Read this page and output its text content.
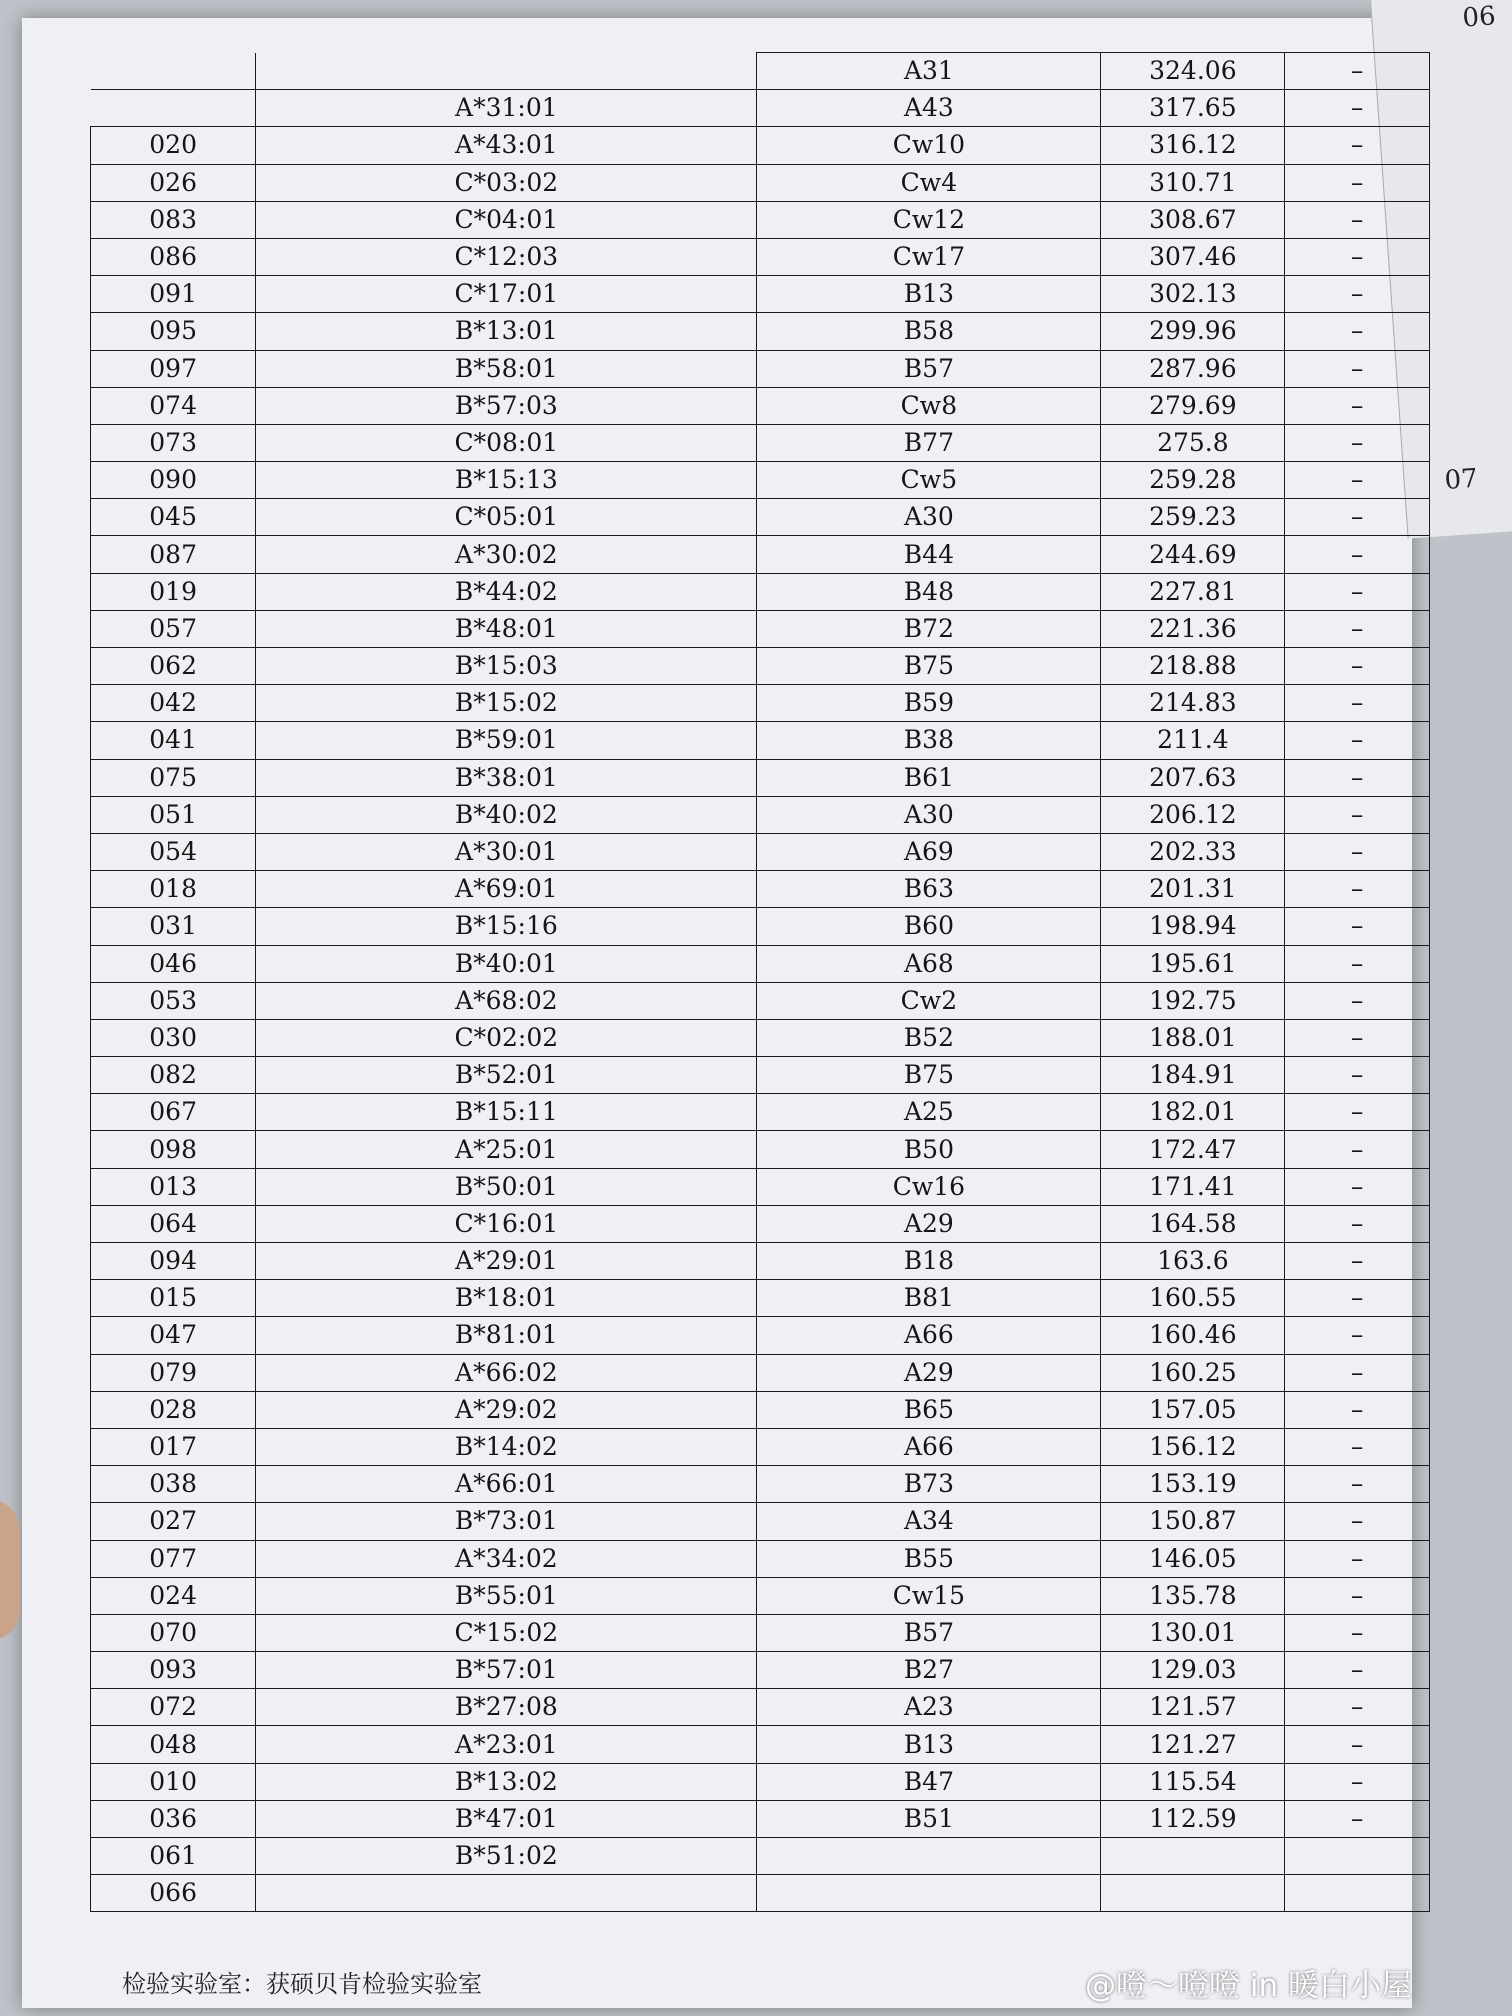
06
07
		A31	324.06	–
	A*31:01	A43	317.65	–
020	A*43:01	Cw10	316.12	–
026	C*03:02	Cw4	310.71	–
083	C*04:01	Cw12	308.67	–
086	C*12:03	Cw17	307.46	–
091	C*17:01	B13	302.13	–
095	B*13:01	B58	299.96	–
097	B*58:01	B57	287.96	–
074	B*57:03	Cw8	279.69	–
073	C*08:01	B77	275.8	–
090	B*15:13	Cw5	259.28	–
045	C*05:01	A30	259.23	–
087	A*30:02	B44	244.69	–
019	B*44:02	B48	227.81	–
057	B*48:01	B72	221.36	–
062	B*15:03	B75	218.88	–
042	B*15:02	B59	214.83	–
041	B*59:01	B38	211.4	–
075	B*38:01	B61	207.63	–
051	B*40:02	A30	206.12	–
054	A*30:01	A69	202.33	–
018	A*69:01	B63	201.31	–
031	B*15:16	B60	198.94	–
046	B*40:01	A68	195.61	–
053	A*68:02	Cw2	192.75	–
030	C*02:02	B52	188.01	–
082	B*52:01	B75	184.91	–
067	B*15:11	A25	182.01	–
098	A*25:01	B50	172.47	–
013	B*50:01	Cw16	171.41	–
064	C*16:01	A29	164.58	–
094	A*29:01	B18	163.6	–
015	B*18:01	B81	160.55	–
047	B*81:01	A66	160.46	–
079	A*66:02	A29	160.25	–
028	A*29:02	B65	157.05	–
017	B*14:02	A66	156.12	–
038	A*66:01	B73	153.19	–
027	B*73:01	A34	150.87	–
077	A*34:02	B55	146.05	–
024	B*55:01	Cw15	135.78	–
070	C*15:02	B57	130.01	–
093	B*57:01	B27	129.03	–
072	B*27:08	A23	121.57	–
048	A*23:01	B13	121.27	–
010	B*13:02	B47	115.54	–
036	B*47:01	B51	112.59	–
061	B*51:02			
066				
检验实验室：获硕贝肯检验实验室	@噔～噔噔 in 暖白小屋
